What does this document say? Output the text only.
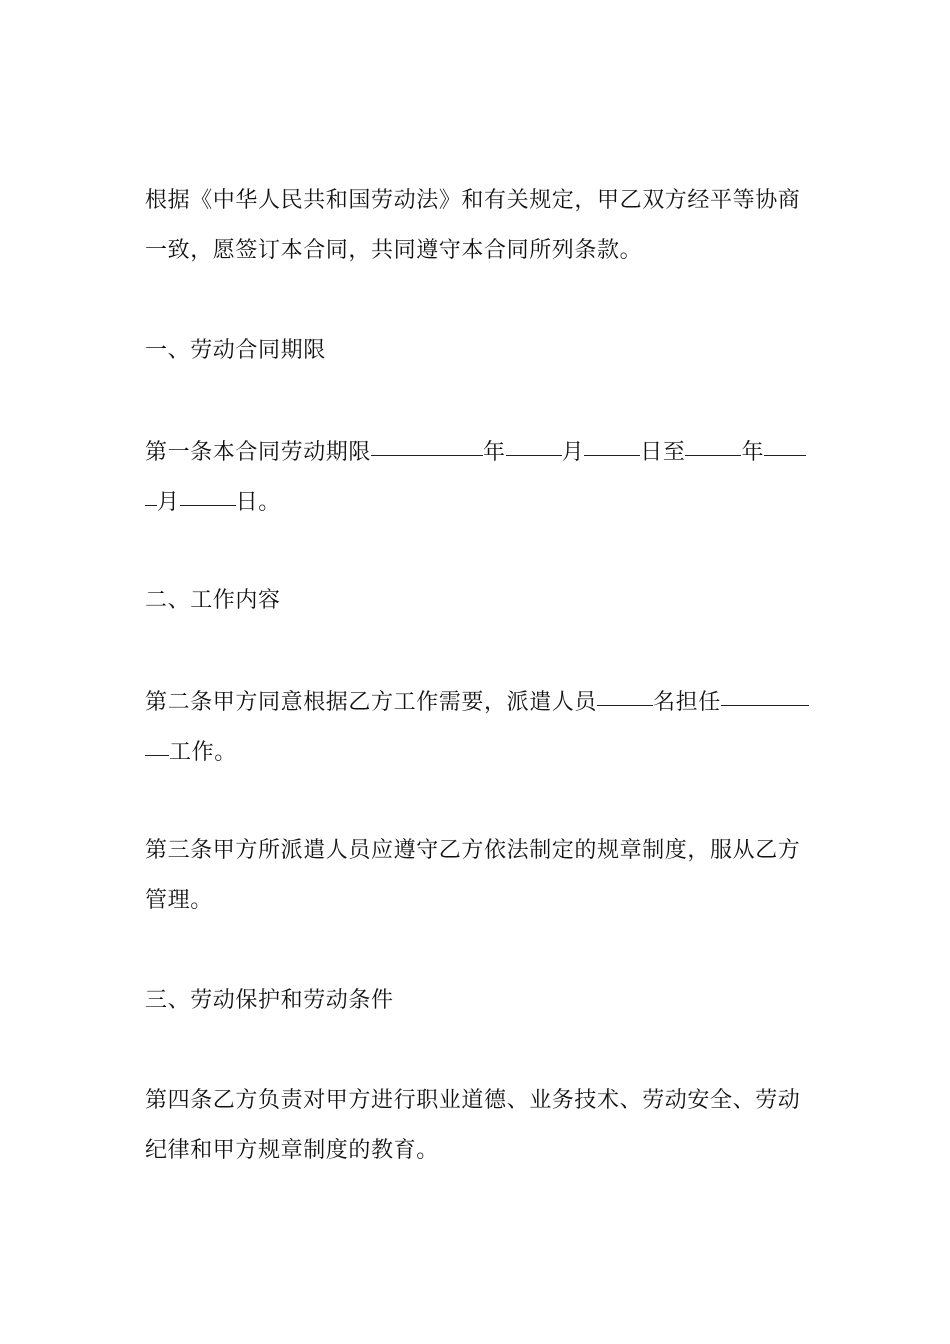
根据《中华人民共和国劳动法》和有关规定，甲乙双方经平等协商
一致，愿签订本合同，共同遵守本合同所列条款。
一、劳动合同期限
第一条本合同劳动期限	年	月	日至	年
月	日。
二、工作内容
第二条甲方同意根据乙方工作需要，派遣人员	名担任
工作。
第三条甲方所派遣人员应遵守乙方依法制定的规章制度，服从乙方
管理。
三、劳动保护和劳动条件
第四条乙方负责对甲方进行职业道德、业务技术、劳动安全、劳动
纪律和甲方规章制度的教育。
